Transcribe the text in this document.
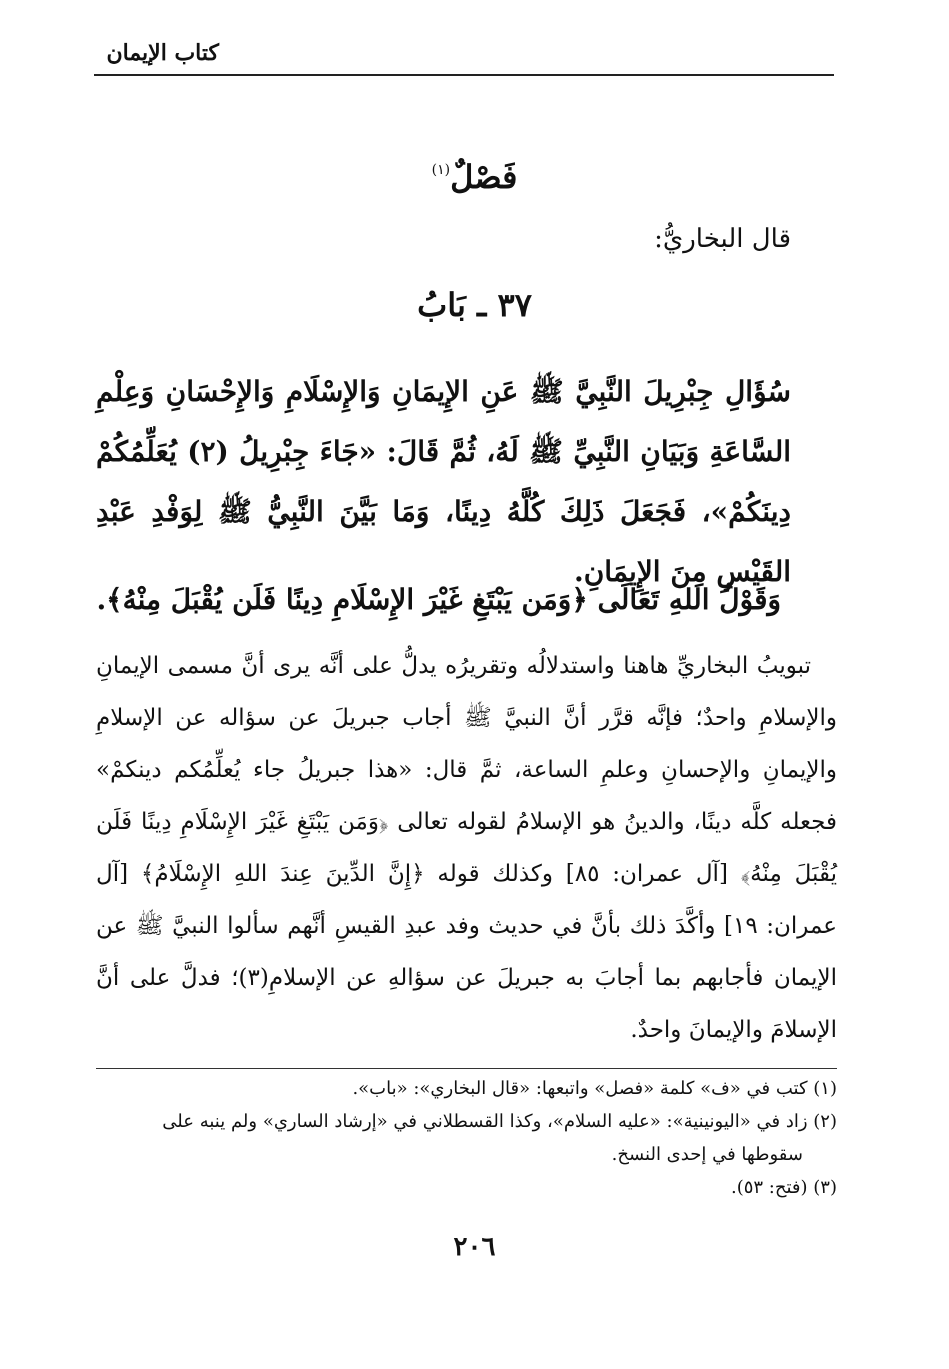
كتاب الإيمان
فَصْلٌ$^{(١)}$
قال البخاريُّ:
٣٧ ـ بَابُ
سُؤَالِ جِبْرِيلَ النَّبِيَّ ﷺ عَنِ الإِيمَانِ وَالإِسْلَامِ وَالإِحْسَانِ وَعِلْمِ السَّاعَةِ وَبَيَانِ النَّبِيِّ ﷺ لَهُ، ثُمَّ قَالَ: «جَاءَ جِبْرِيلُ (٢) يُعَلِّمُكُمْ دِينَكُمْ»، فَجَعَلَ ذَلِكَ كُلَّهُ دِينًا، وَمَا بَيَّنَ النَّبِيُّ ﷺ لِوَفْدِ عَبْدِ القَيْسِ مِنَ الإِيمَانِ.
وَقَوْلُ اللهِ تَعَالَى ﴿وَمَن يَبْتَغِ غَيْرَ الإِسْلَامِ دِينًا فَلَن يُقْبَلَ مِنْهُ﴾.

تبويبُ البخاريِّ هاهنا واستدلالُه وتقريرُه يدلُّ على أنَّه يرى أنَّ مسمى الإيمانِ والإسلامِ واحدٌ؛ فإنَّه قرَّر أنَّ النبيَّ ﷺ أجاب جبريلَ عن سؤاله عن الإسلامِ والإيمانِ والإحسانِ وعلمِ الساعة، ثمَّ قال: «هذا جبريلُ جاء يُعلِّمُكم دينكمْ» فجعله كلَّه دينًا، والدينُ هو الإسلامُ لقوله تعالى ﴿وَمَن يَبْتَغِ غَيْرَ الإِسْلَامِ دِينًا فَلَن يُقْبَلَ مِنْهُ﴾ [آل عمران: ٨٥] وكذلك قوله ﴿إِنَّ الدِّينَ عِندَ اللهِ الإِسْلَامُ﴾ [آل عمران: ١٩] وأكَّدَ ذلك بأنَّ في حديث وفد عبدِ القيسِ أنَّهم سألوا النبيَّ ﷺ عن الإيمان فأجابهم بما أجابَ به جبريلَ عن سؤالهِ عن الإسلامِ(٣)؛ فدلَّ على أنَّ الإسلامَ والإيمانَ واحدٌ.

(١) كتب في «ف» كلمة «فصل» واتبعها: «قال البخاري»: «باب».

(٢) زاد في «اليونينية»: «عليه السلام»، وكذا القسطلاني في «إرشاد الساري» ولم ينبه على

سقوطها في إحدى النسخ.

(٣) (فتح: ٥٣).

٢٠٦
